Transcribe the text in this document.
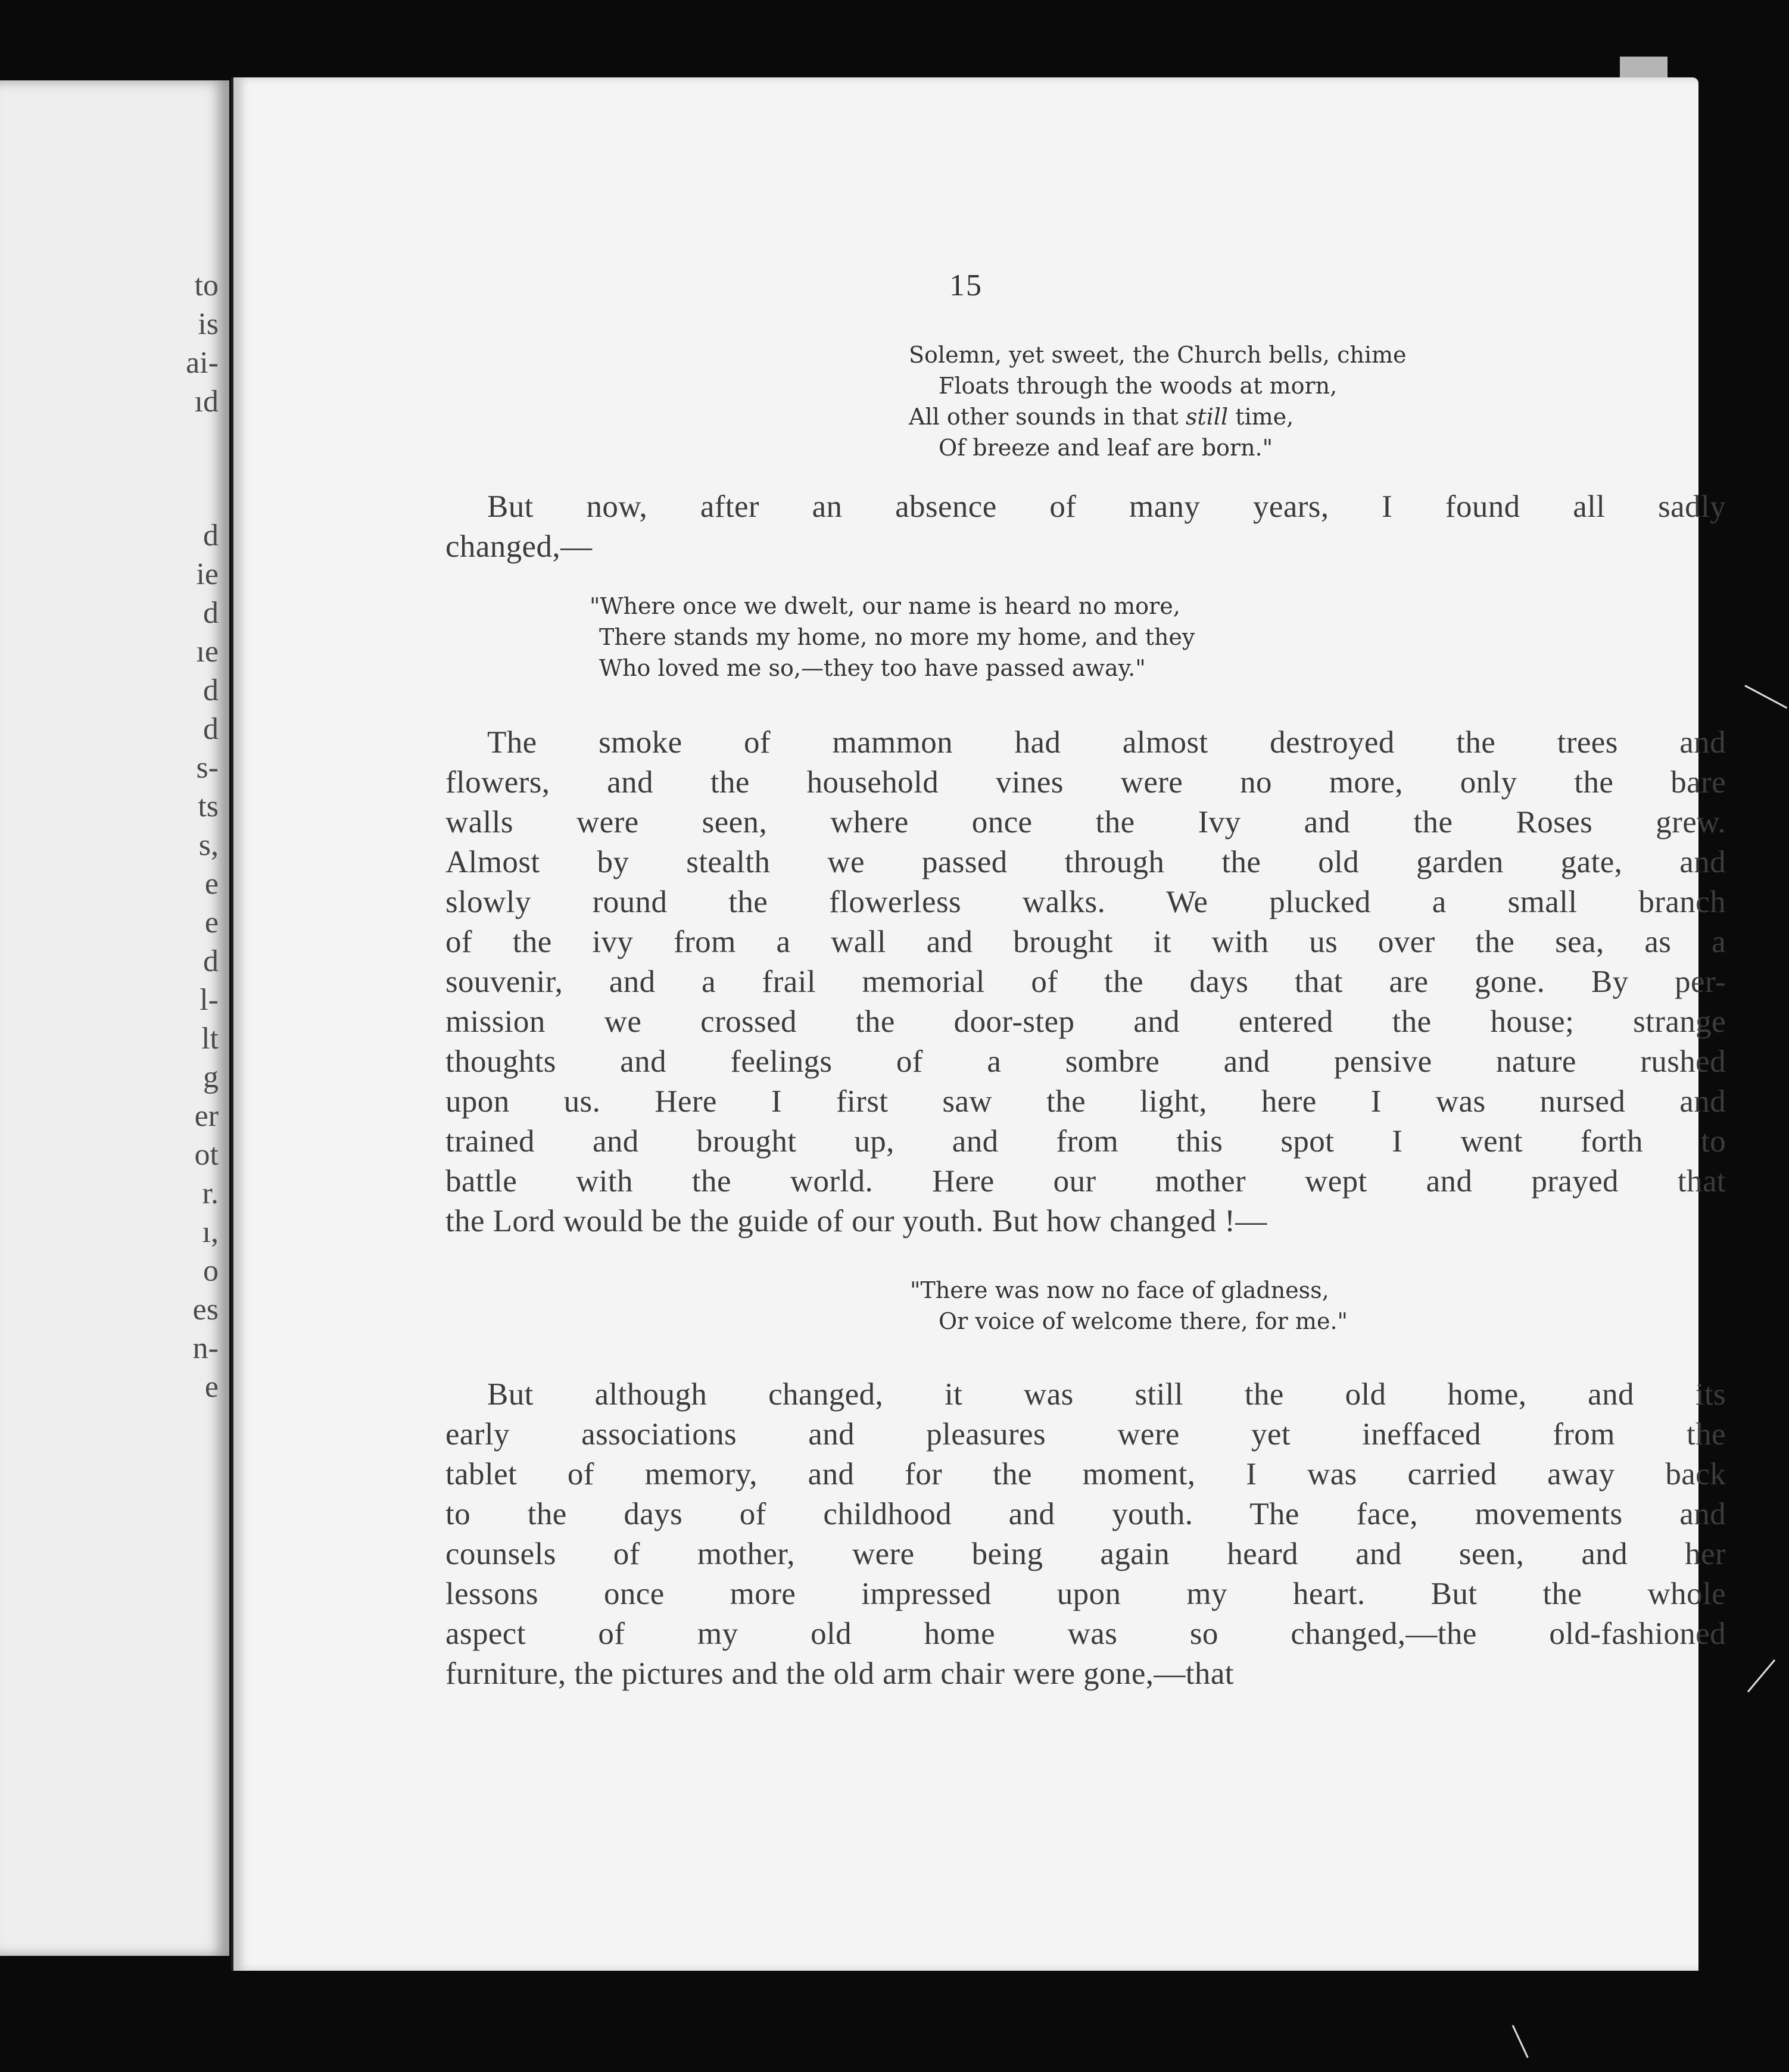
to
is
ai-
ıd
d
ie
d
ıe
d
d
s-
ts
s,
e
e
d
l-
lt
g
er
ot
r.
ı,
o
es
n-
e
15
Solemn, yet sweet, the Church bells, chime
Floats through the woods at morn,
All other sounds in that still time,
Of breeze and leaf are born."
But now, after an absence of many years, I found all sadly
changed,—
"Where once we dwelt, our name is heard no more,
There stands my home, no more my home, and they
Who loved me so,—they too have passed away."
The smoke of mammon had almost destroyed the trees and
flowers, and the household vines were no more, only the bare
walls were seen, where once the Ivy and the Roses grew.
Almost by stealth we passed through the old garden gate, and
slowly round the flowerless walks. We plucked a small branch
of the ivy from a wall and brought it with us over the sea, as a
souvenir, and a frail memorial of the days that are gone. By per-
mission we crossed the door-step and entered the house; strange
thoughts and feelings of a sombre and pensive nature rushed
upon us. Here I first saw the light, here I was nursed and
trained and brought up, and from this spot I went forth to
battle with the world. Here our mother wept and prayed that
the Lord would be the guide of our youth. But how changed !—
"There was now no face of gladness,
Or voice of welcome there, for me."
But although changed, it was still the old home, and its
early associations and pleasures were yet ineffaced from the
tablet of memory, and for the moment, I was carried away back
to the days of childhood and youth. The face, movements and
counsels of mother, were being again heard and seen, and her
lessons once more impressed upon my heart. But the whole
aspect of my old home was so changed,—the old-fashioned
furniture, the pictures and the old arm chair were gone,—that
